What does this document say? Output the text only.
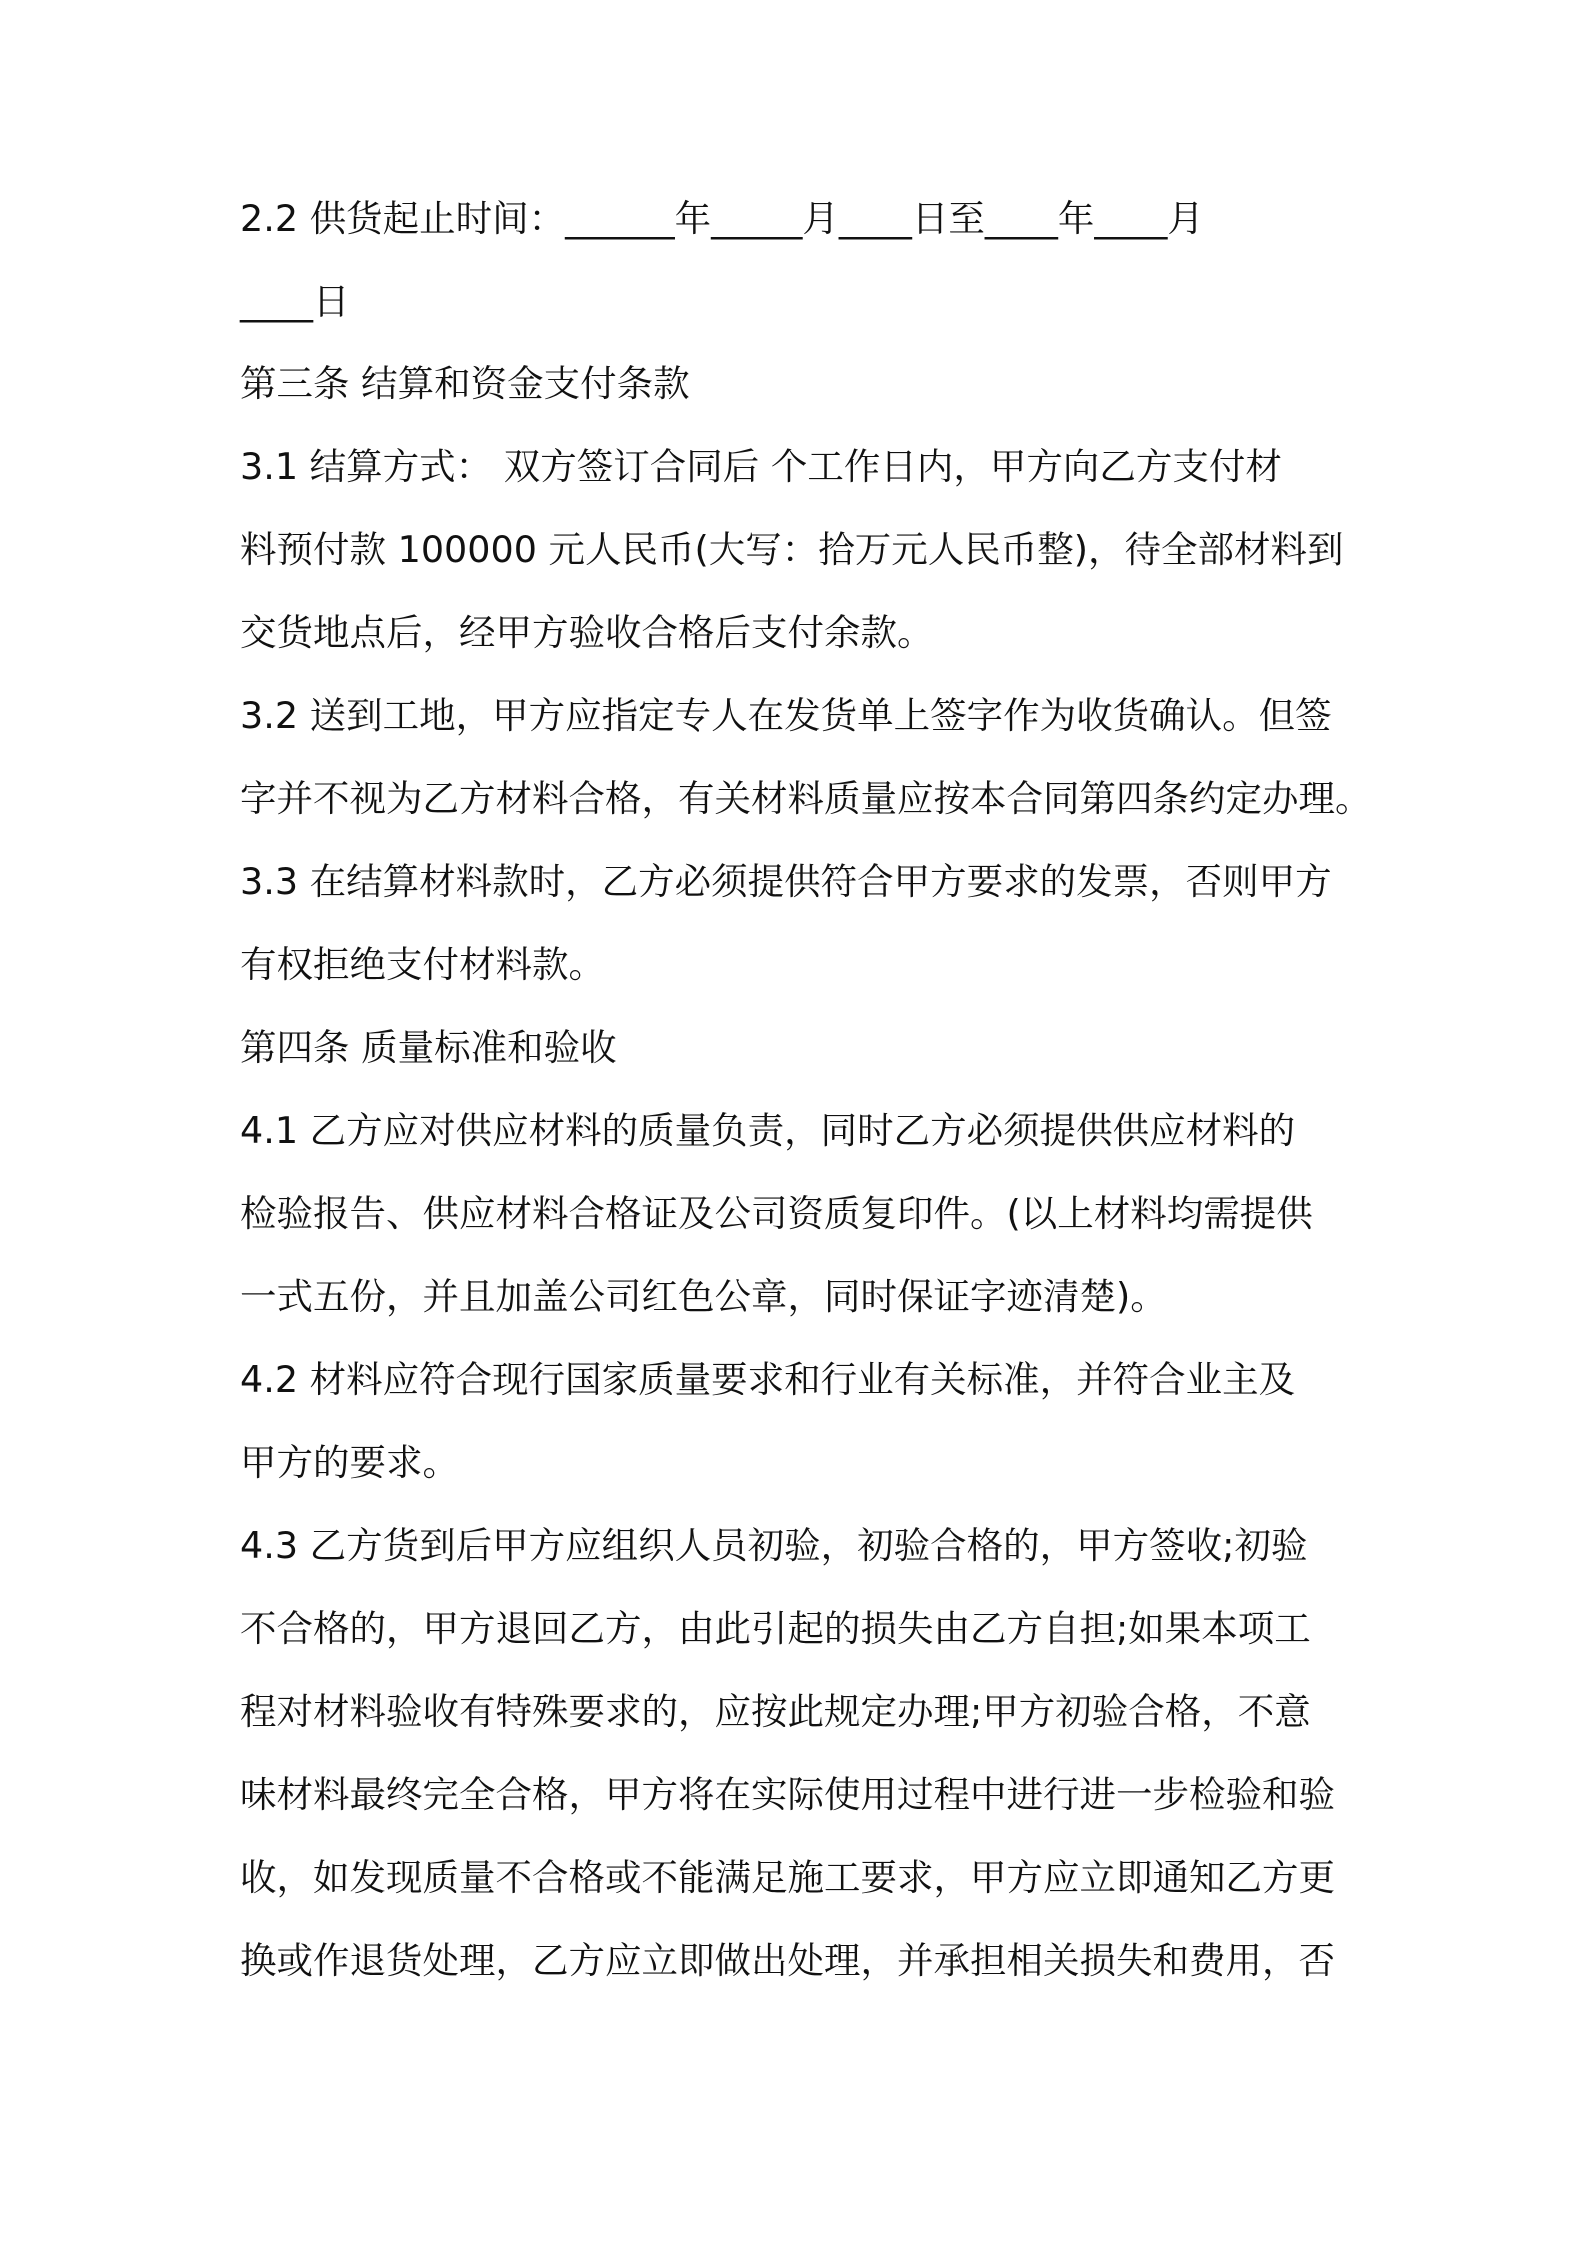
2.2 供货起止时间：______年_____月____日至____年____月
____日
第三条 结算和资金支付条款
3.1 结算方式： 双方签订合同后 个工作日内，甲方向乙方支付材
料预付款 100000 元人民币(大写：拾万元人民币整)，待全部材料到
交货地点后，经甲方验收合格后支付余款。
3.2 送到工地，甲方应指定专人在发货单上签字作为收货确认。但签
字并不视为乙方材料合格，有关材料质量应按本合同第四条约定办理。
3.3 在结算材料款时，乙方必须提供符合甲方要求的发票，否则甲方
有权拒绝支付材料款。
第四条 质量标准和验收
4.1 乙方应对供应材料的质量负责，同时乙方必须提供供应材料的
检验报告、供应材料合格证及公司资质复印件。(以上材料均需提供
一式五份，并且加盖公司红色公章，同时保证字迹清楚)。
4.2 材料应符合现行国家质量要求和行业有关标准，并符合业主及
甲方的要求。
4.3 乙方货到后甲方应组织人员初验，初验合格的，甲方签收;初验
不合格的，甲方退回乙方，由此引起的损失由乙方自担;如果本项工
程对材料验收有特殊要求的，应按此规定办理;甲方初验合格，不意
味材料最终完全合格，甲方将在实际使用过程中进行进一步检验和验
收，如发现质量不合格或不能满足施工要求，甲方应立即通知乙方更
换或作退货处理，乙方应立即做出处理，并承担相关损失和费用，否
